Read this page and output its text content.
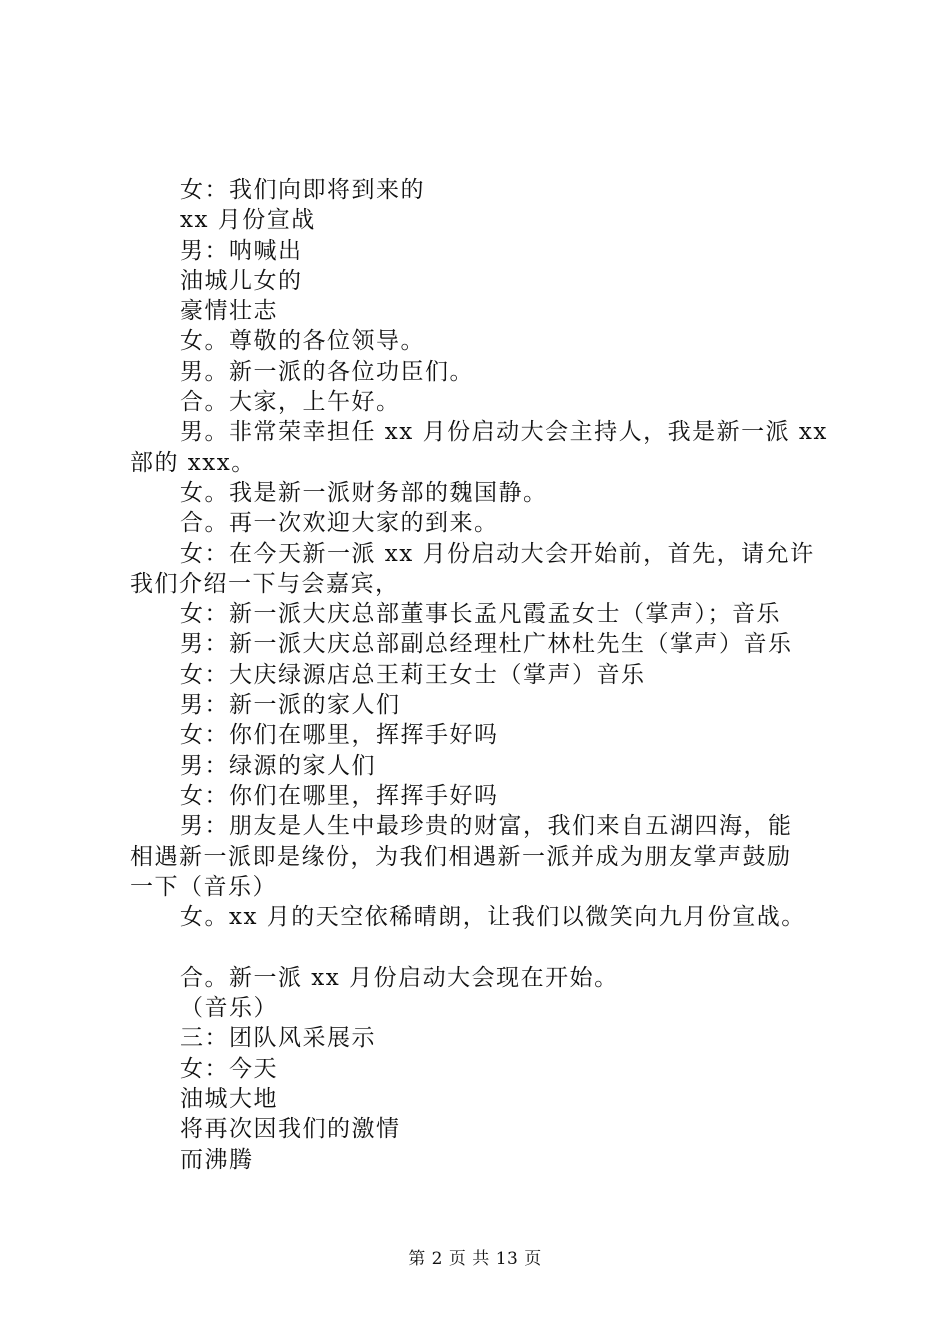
女：我们向即将到来的
xx 月份宣战
男：呐喊出
油城儿女的
豪情壮志
女。尊敬的各位领导。
男。新一派的各位功臣们。
合。大家，上午好。
男。非常荣幸担任 xx 月份启动大会主持人，我是新一派 xx
部的 xxx。
女。我是新一派财务部的魏国静。
合。再一次欢迎大家的到来。
女：在今天新一派 xx 月份启动大会开始前，首先，请允许
我们介绍一下与会嘉宾，
女：新一派大庆总部董事长孟凡霞孟女士（掌声）；音乐
男：新一派大庆总部副总经理杜广林杜先生（掌声）音乐
女：大庆绿源店总王莉王女士（掌声）音乐
男：新一派的家人们
女：你们在哪里，挥挥手好吗
男：绿源的家人们
女：你们在哪里，挥挥手好吗
男：朋友是人生中最珍贵的财富，我们来自五湖四海，能
相遇新一派即是缘份，为我们相遇新一派并成为朋友掌声鼓励
一下（音乐）
女。xx 月的天空依稀晴朗，让我们以微笑向九月份宣战。
合。新一派 xx 月份启动大会现在开始。
（音乐）
三：团队风采展示
女：今天
油城大地
将再次因我们的激情
而沸腾
第 2 页 共 13 页
